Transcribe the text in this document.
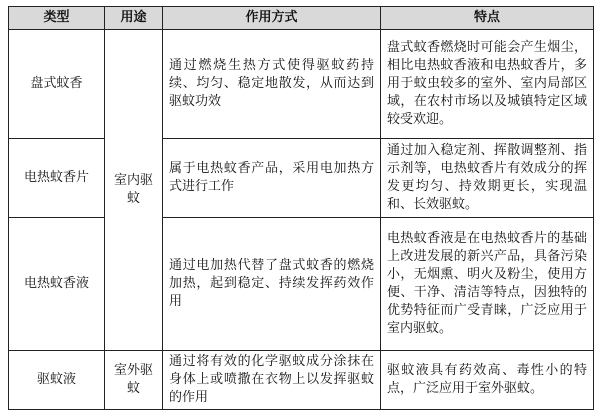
类型	用途	作用方式	特点
盘式蚊香	室内驱蚊	通过燃烧生热方式使得驱蚊药持续、均匀、稳定地散发，从而达到驱蚊功效	盘式蚊香燃烧时可能会产生烟尘，相比电热蚊香液和电热蚊香片，多用于蚊虫较多的室外、室内局部区域，在农村市场以及城镇特定区域较受欢迎。
电热蚊香片		属于电热蚊香产品，采用电加热方式进行工作	通过加入稳定剂、挥散调整剂、指示剂等，电热蚊香片有效成分的挥发更均匀、持效期更长，实现温和、长效驱蚊。
电热蚊香液		通过电加热代替了盘式蚊香的燃烧加热，起到稳定、持续发挥药效作用	电热蚊香液是在电热蚊香片的基础上改进发展的新兴产品，具备污染小，无烟熏、明火及粉尘，使用方便、干净、清洁等特点，因独特的优势特征而广受青睐，广泛应用于室内驱蚊。
驱蚊液	室外驱蚊	通过将有效的化学驱蚊成分涂抹在身体上或喷撒在衣物上以发挥驱蚊的作用	驱蚊液具有药效高、毒性小的特点，广泛应用于室外驱蚊。
